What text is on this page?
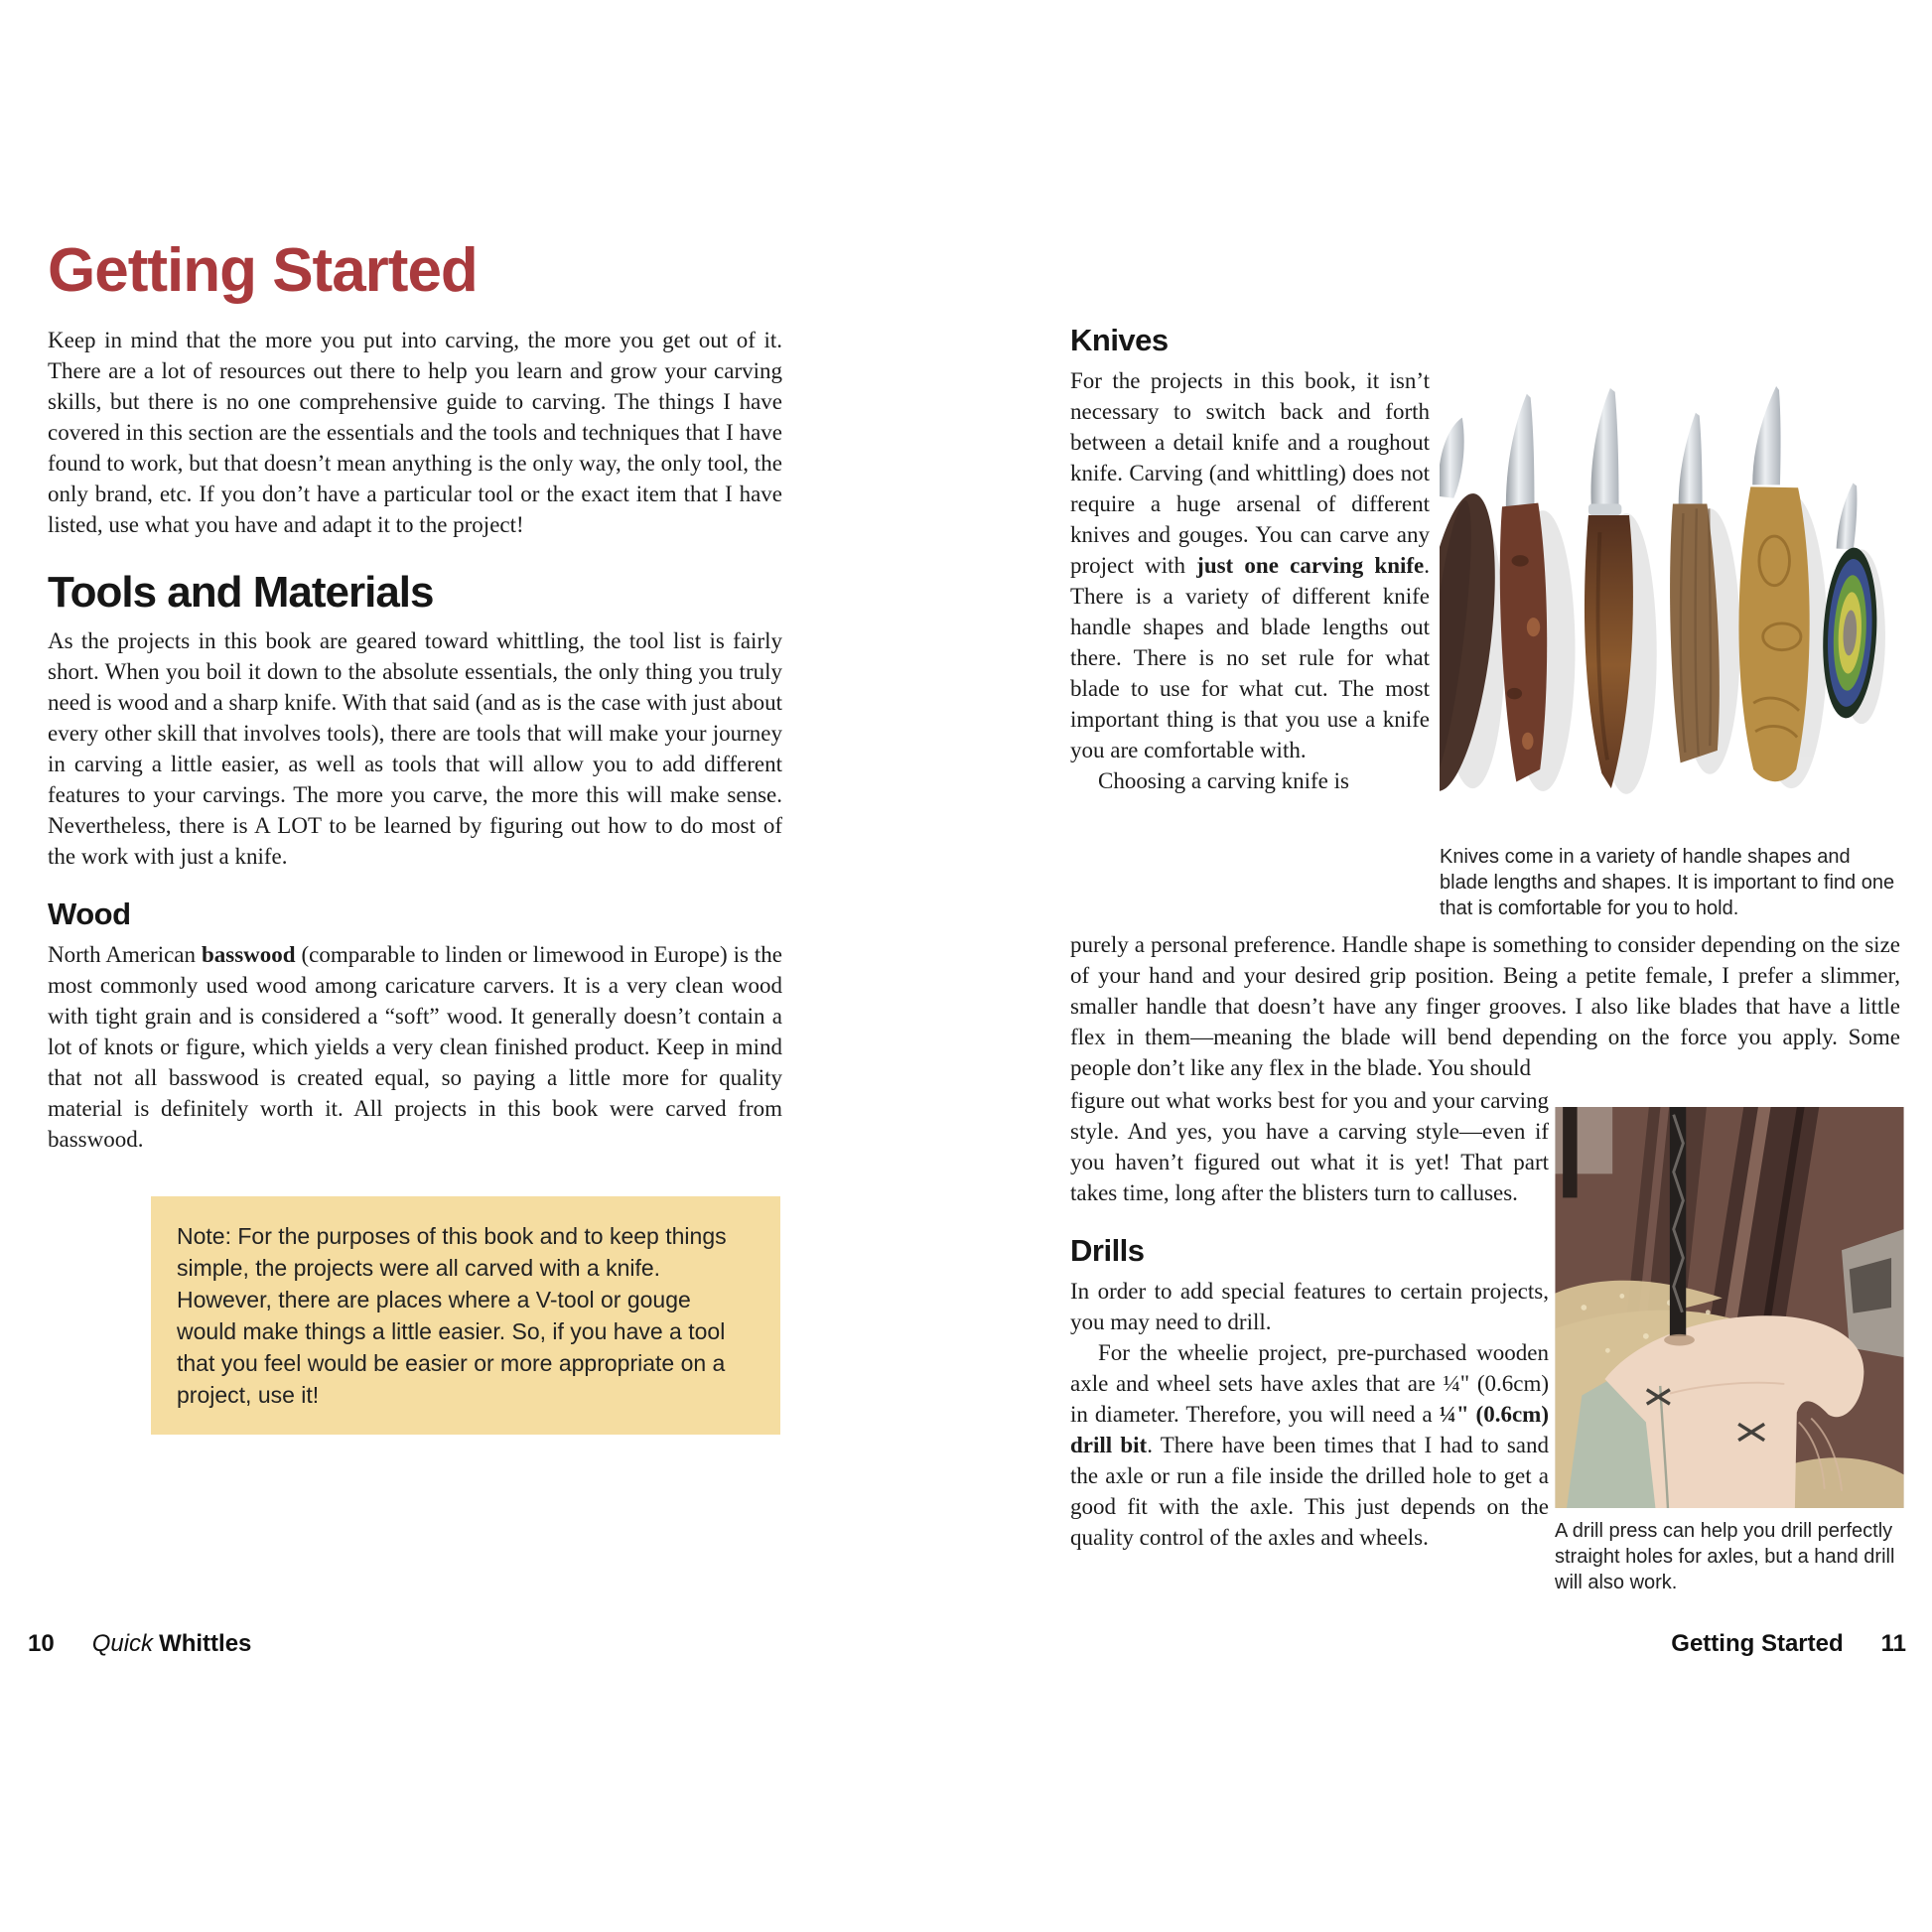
Getting Started

Keep in mind that the more you put into carving, the more you get out of it. There are a lot of resources out there to help you learn and grow your carving skills, but there is no one comprehensive guide to carving. The things I have covered in this section are the essentials and the tools and techniques that I have found to work, but that doesn’t mean anything is the only way, the only tool, the only brand, etc. If you don’t have a particular tool or the exact item that I have listed, use what you have and adapt it to the project!

Tools and Materials

As the projects in this book are geared toward whittling, the tool list is fairly short. When you boil it down to the absolute essentials, the only thing you truly need is wood and a sharp knife. With that said (and as is the case with just about every other skill that involves tools), there are tools that will make your journey in carving a little easier, as well as tools that will allow you to add different features to your carvings. The more you carve, the more this will make sense. Nevertheless, there is A LOT to be learned by figuring out how to do most of the work with just a knife.

Wood

North American basswood (comparable to linden or limewood in Europe) is the most commonly used wood among caricature carvers. It is a very clean wood with tight grain and is considered a “soft” wood. It generally doesn’t contain a lot of knots or figure, which yields a very clean finished product. Keep in mind that not all basswood is created equal, so paying a little more for quality material is definitely worth it. All projects in this book were carved from basswood.

Note: For the purposes of this book and to keep things simple, the projects were all carved with a knife. However, there are places where a V-tool or gouge would make things a little easier. So, if you have a tool that you feel would be easier or more appropriate on a project, use it!
Knives

For the projects in this book, it isn’t necessary to switch back and forth between a detail knife and a roughout knife. Carving (and whittling) does not require a huge arsenal of different knives and gouges. You can carve any project with just one carving knife. There is a variety of different knife handle shapes and blade lengths out there. There is no set rule for what blade to use for what cut. The most important thing is that you use a knife you are comfortable with.

Choosing a carving knife is

Knives come in a variety of handle shapes and blade lengths and shapes. It is important to find one that is comfortable for you to hold.

purely a personal preference. Handle shape is something to consider depending on the size of your hand and your desired grip position. Being a petite female, I prefer a slimmer, smaller handle that doesn’t have any finger grooves. I also like blades that have a little flex in them—meaning the blade will bend depending on the force you apply. Some people don’t like any flex in the blade. You should

figure out what works best for you and your carving style. And yes, you have a carving style—even if you haven’t figured out what it is yet! That part takes time, long after the blisters turn to calluses.

Drills

In order to add special features to certain projects, you may need to drill.

For the wheelie project, pre-purchased wooden axle and wheel sets have axles that are ¼" (0.6cm) in diameter. Therefore, you will need a ¼" (0.6cm) drill bit. There have been times that I had to sand the axle or run a file inside the drilled hole to get a good fit with the axle. This just depends on the quality control of the axles and wheels.	A drill press can help you drill perfectly straight holes for axles, but a hand drill will also work.
10 Quick Whittles	Getting Started 11
